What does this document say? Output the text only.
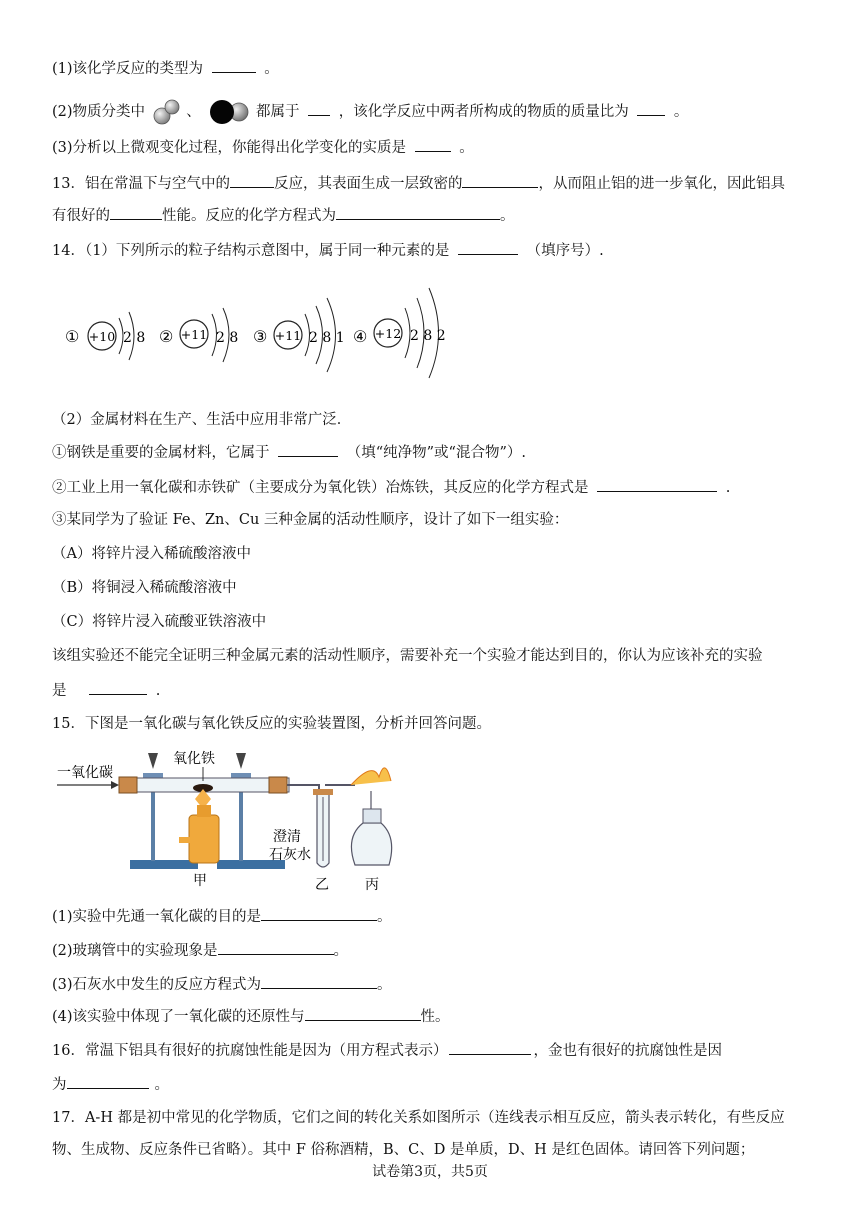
(1)该化学反应的类型为	。
(2)物质分类中	、	都属于	，该化学反应中两者所构成的物质的质量比为	。
(3)分析以上微观变化过程，你能得出化学变化的实质是	。
13．铝在常温下与空气中的	反应，其表面生成一层致密的	，从而阻止铝的进一步氧化，因此铝具
有很好的	性能。反应的化学方程式为	。
14．（1）下列所示的粒子结构示意图中，属于同一种元素的是	（填序号）.
① +10 2 8 ② +11 2 8 ③ +11 2 8 1 ④ +12 2 8 2
（2）金属材料在生产、生活中应用非常广泛．
①钢铁是重要的金属材料，它属于	（填“纯净物”或“混合物”）.
②工业上用一氧化碳和赤铁矿（主要成分为氧化铁）冶炼铁，其反应的化学方程式是	.
③某同学为了验证 Fe、Zn、Cu 三种金属的活动性顺序，设计了如下一组实验：
（A）将锌片浸入稀硫酸溶液中
（B）将铜浸入稀硫酸溶液中
（C）将锌片浸入硫酸亚铁溶液中
该组实验还不能完全证明三种金属元素的活动性顺序，需要补充一个实验才能达到目的，你认为应该补充的实验
是	.
15．下图是一氧化碳与氧化铁反应的实验装置图，分析并回答问题。
一氧化碳
氧化铁
澄清
石灰水
甲	乙	丙
(1)实验中先通一氧化碳的目的是	。
(2)玻璃管中的实验现象是	。
(3)石灰水中发生的反应方程式为	。
(4)该实验中体现了一氧化碳的还原性与	性。
16．常温下铝具有很好的抗腐蚀性能是因为（用方程式表示）	，金也有很好的抗腐蚀性是因
为	。
17．A-H 都是初中常见的化学物质，它们之间的转化关系如图所示（连线表示相互反应，箭头表示转化，有些反应
物、生成物、反应条件已省略）。其中 F 俗称酒精，B、C、D 是单质，D、H 是红色固体。请回答下列问题；
试卷第3页，共5页
